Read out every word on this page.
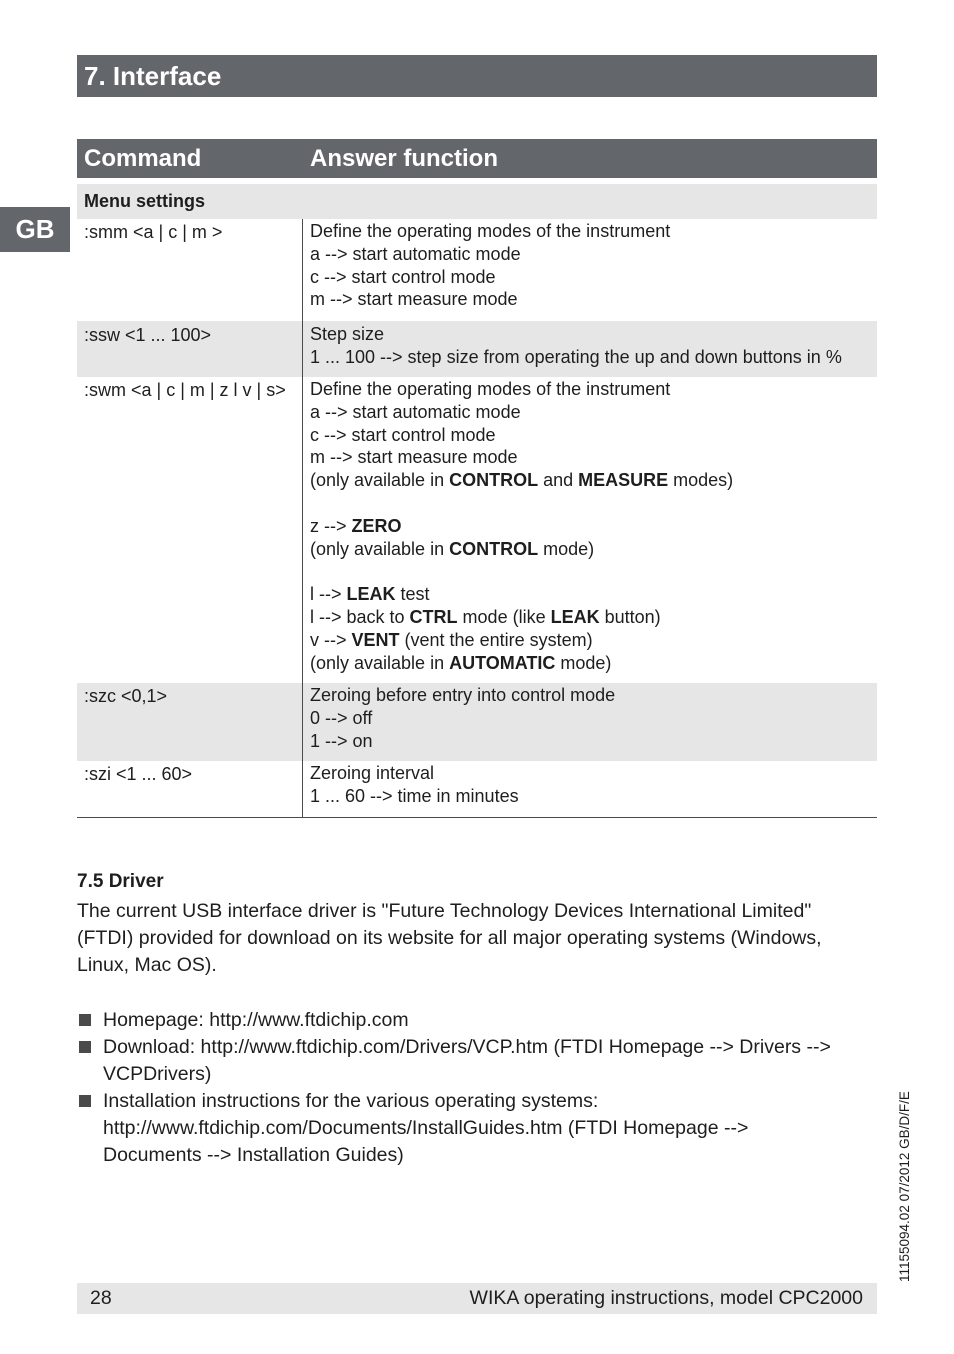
7. Interface
GB
Command	Answer function
Menu settings
:smm <a | c | m >	Define the operating modes of the instrument
a --> start automatic mode
c --> start control mode
m --> start measure mode
:ssw <1 ... 100>	Step size
1 ... 100 --> step size from operating the up and down buttons in %
:swm <a | c | m | z l v | s> Define the operating modes of the instrument
a --> start automatic mode
c --> start control mode
m --> start measure mode
(only available in CONTROL and MEASURE modes)
z --> ZERO
(only available in CONTROL mode)
l --> LEAK test
l --> back to CTRL mode (like LEAK button)
v --> VENT (vent the entire system)
(only available in AUTOMATIC mode)
:szc <0,1>	Zeroing before entry into control mode
0 --> off
1 --> on
:szi <1 ... 60>	Zeroing interval
1 ... 60 --> time in minutes
7.5 Driver
The current USB interface driver is "Future Technology Devices International Limited"
(FTDI) provided for download on its website for all major operating systems (Windows,
Linux, Mac OS).
Homepage: http://www.ftdichip.com
Download: http://www.ftdichip.com/Drivers/VCP.htm (FTDI Homepage --> Drivers -->
VCPDrivers)
Installation instructions for the various operating systems:
http://www.ftdichip.com/Documents/InstallGuides.htm (FTDI Homepage -->
Documents --> Installation Guides)	11155094.02 07/2012 GB/D/F/E
28	WIKA operating instructions, model CPC2000
